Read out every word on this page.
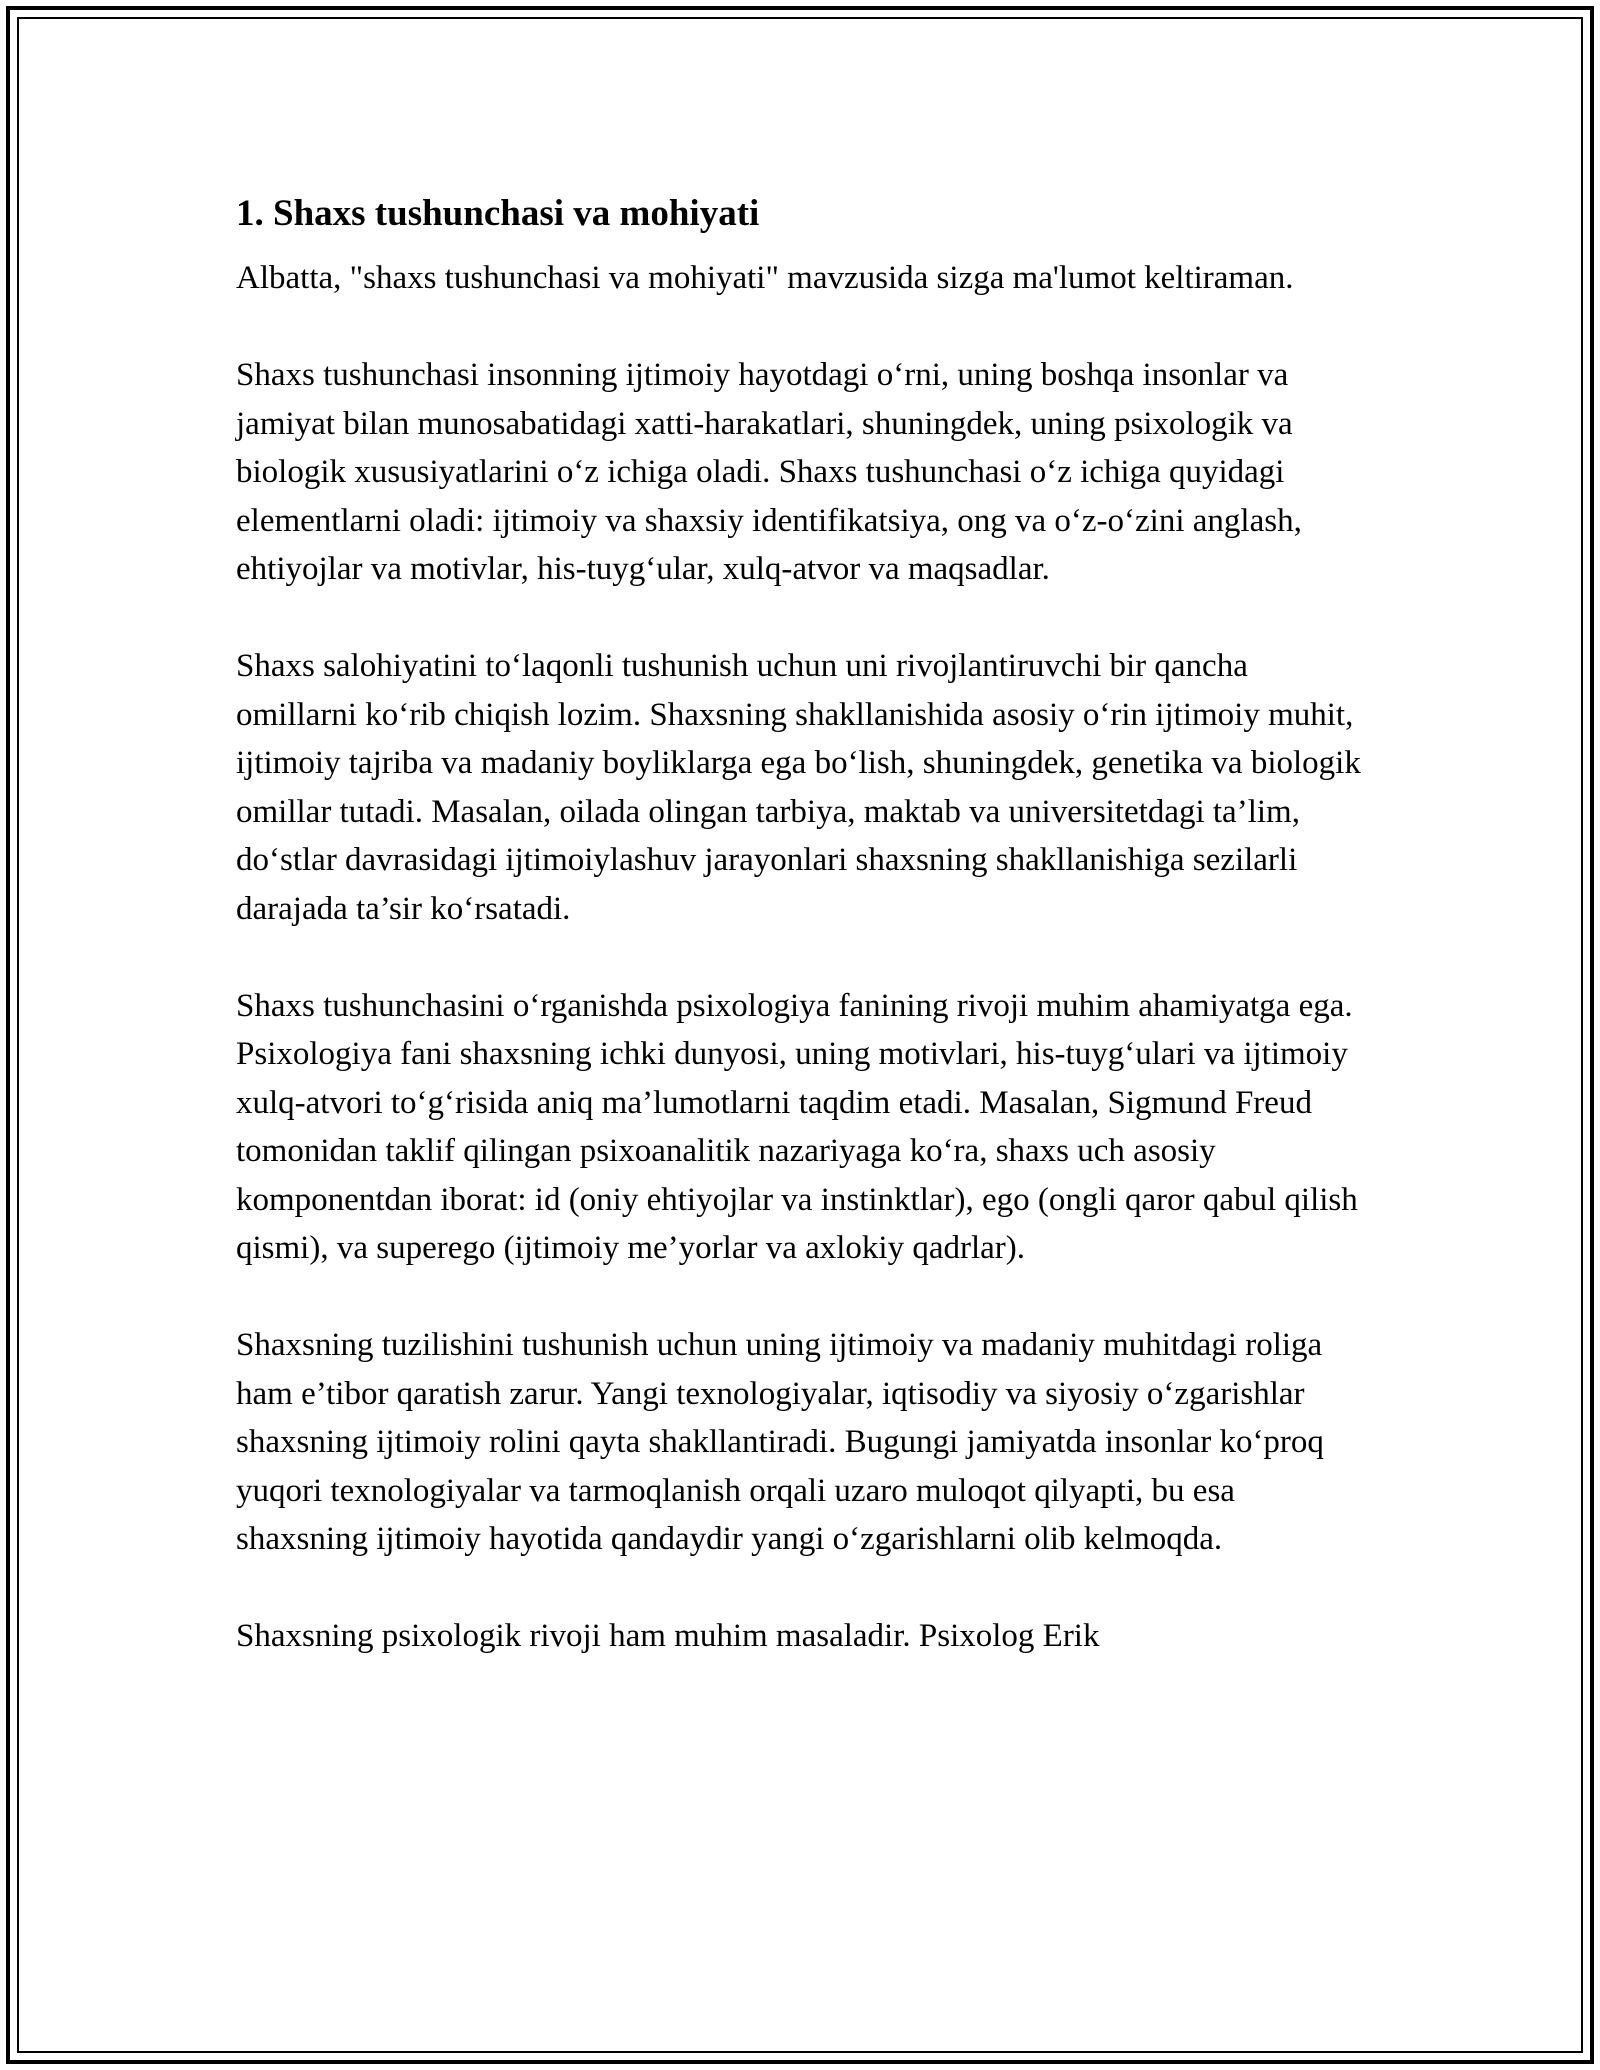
1. Shaxs tushunchasi va mohiyati

Albatta, "shaxs tushunchasi va mohiyati" mavzusida sizga ma'lumot keltiraman.

Shaxs tushunchasi insonning ijtimoiy hayotdagi o‘rni, uning boshqa insonlar va jamiyat bilan munosabatidagi xatti-harakatlari, shuningdek, uning psixologik va biologik xususiyatlarini o‘z ichiga oladi. Shaxs tushunchasi o‘z ichiga quyidagi elementlarni oladi: ijtimoiy va shaxsiy identifikatsiya, ong va o‘z-o‘zini anglash, ehtiyojlar va motivlar, his-tuyg‘ular, xulq-atvor va maqsadlar.

Shaxs salohiyatini to‘laqonli tushunish uchun uni rivojlantiruvchi bir qancha omillarni ko‘rib chiqish lozim. Shaxsning shakllanishida asosiy o‘rin ijtimoiy muhit, ijtimoiy tajriba va madaniy boyliklarga ega bo‘lish, shuningdek, genetika va biologik omillar tutadi. Masalan, oilada olingan tarbiya, maktab va universitetdagi ta’lim, do‘stlar davrasidagi ijtimoiylashuv jarayonlari shaxsning shakllanishiga sezilarli darajada ta’sir ko‘rsatadi.

Shaxs tushunchasini o‘rganishda psixologiya fanining rivoji muhim ahamiyatga ega. Psixologiya fani shaxsning ichki dunyosi, uning motivlari, his-tuyg‘ulari va ijtimoiy xulq-atvori to‘g‘risida aniq ma’lumotlarni taqdim etadi. Masalan, Sigmund Freud tomonidan taklif qilingan psixoanalitik nazariyaga ko‘ra, shaxs uch asosiy komponentdan iborat: id (oniy ehtiyojlar va instinktlar), ego (ongli qaror qabul qilish qismi), va superego (ijtimoiy me’yorlar va axlokiy qadrlar).

Shaxsning tuzilishini tushunish uchun uning ijtimoiy va madaniy muhitdagi roliga ham e’tibor qaratish zarur. Yangi texnologiyalar, iqtisodiy va siyosiy o‘zgarishlar shaxsning ijtimoiy rolini qayta shakllantiradi. Bugungi jamiyatda insonlar ko‘proq yuqori texnologiyalar va tarmoqlanish orqali uzaro muloqot qilyapti, bu esa shaxsning ijtimoiy hayotida qandaydir yangi o‘zgarishlarni olib kelmoqda.

Shaxsning psixologik rivoji ham muhim masaladir. Psixolog Erik
